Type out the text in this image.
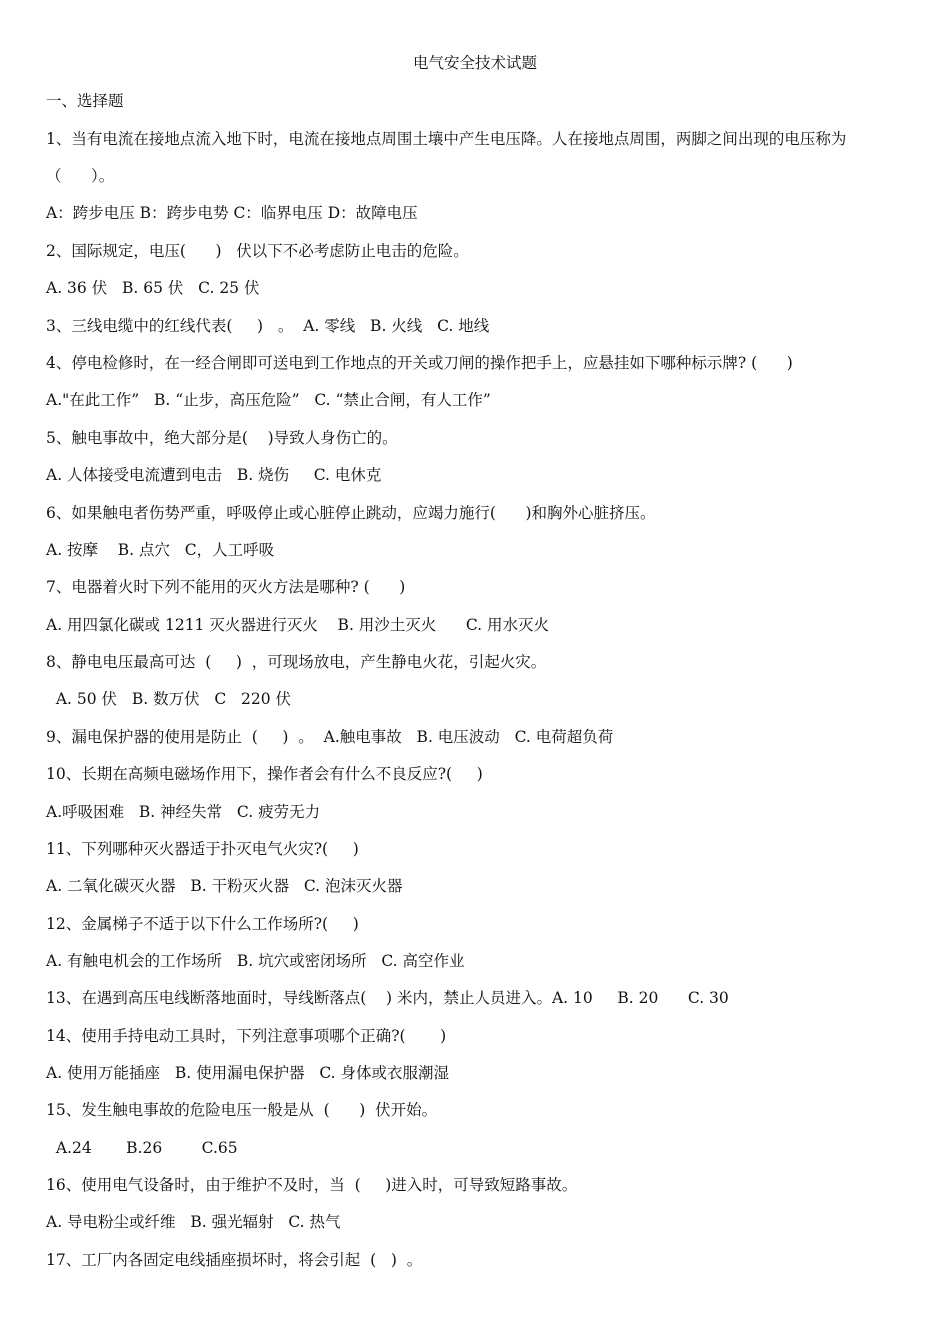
电气安全技术试题
一、选择题
1、当有电流在接地点流入地下时，电流在接地点周围土壤中产生电压降。人在接地点周围，两脚之间出现的电压称为
（      ）。
A：跨步电压 B：跨步电势 C：临界电压 D：故障电压
2、国际规定，电压(      )   伏以下不必考虑防止电击的危险。
A. 36 伏   B. 65 伏   C. 25 伏
3、三线电缆中的红线代表(     )   。  A. 零线   B. 火线   C. 地线
4、停电检修时，在一经合闸即可送电到工作地点的开关或刀闸的操作把手上，应悬挂如下哪种标示牌? (      )
A."在此工作”   B. “止步，高压危险”   C. “禁止合闸，有人工作”
5、触电事故中，绝大部分是(    )导致人身伤亡的。
A. 人体接受电流遭到电击   B. 烧伤     C. 电休克
6、如果触电者伤势严重，呼吸停止或心脏停止跳动，应竭力施行(      )和胸外心脏挤压。
A. 按摩    B. 点穴   C，人工呼吸
7、电器着火时下列不能用的灭火方法是哪种? (      )
A. 用四氯化碳或 1211 灭火器进行灭火    B. 用沙土灭火      C. 用水灭火
8、静电电压最高可达  (     )  ，可现场放电，产生静电火花，引起火灾。
A. 50 伏   B. 数万伏   C   220 伏
9、漏电保护器的使用是防止  (     )  。  A.触电事故   B. 电压波动   C. 电荷超负荷
10、长期在高频电磁场作用下，操作者会有什么不良反应?(     )
A.呼吸困难   B. 神经失常   C. 疲劳无力
11、下列哪种灭火器适于扑灭电气火灾?(     )
A. 二氧化碳灭火器   B. 干粉灭火器   C. 泡沫灭火器
12、金属梯子不适于以下什么工作场所?(     )
A. 有触电机会的工作场所   B. 坑穴或密闭场所   C. 高空作业
13、在遇到高压电线断落地面时，导线断落点(    ) 米内，禁止人员进入。A. 10     B. 20      C. 30
14、使用手持电动工具时，下列注意事项哪个正确?(       )
A. 使用万能插座   B. 使用漏电保护器   C. 身体或衣服潮湿
15、发生触电事故的危险电压一般是从  (      )  伏开始。
A.24       B.26        C.65
16、使用电气设备时，由于维护不及时，当  (     )进入时，可导致短路事故。
A. 导电粉尘或纤维   B. 强光辐射   C. 热气
17、工厂内各固定电线插座损坏时，将会引起  (   )  。
